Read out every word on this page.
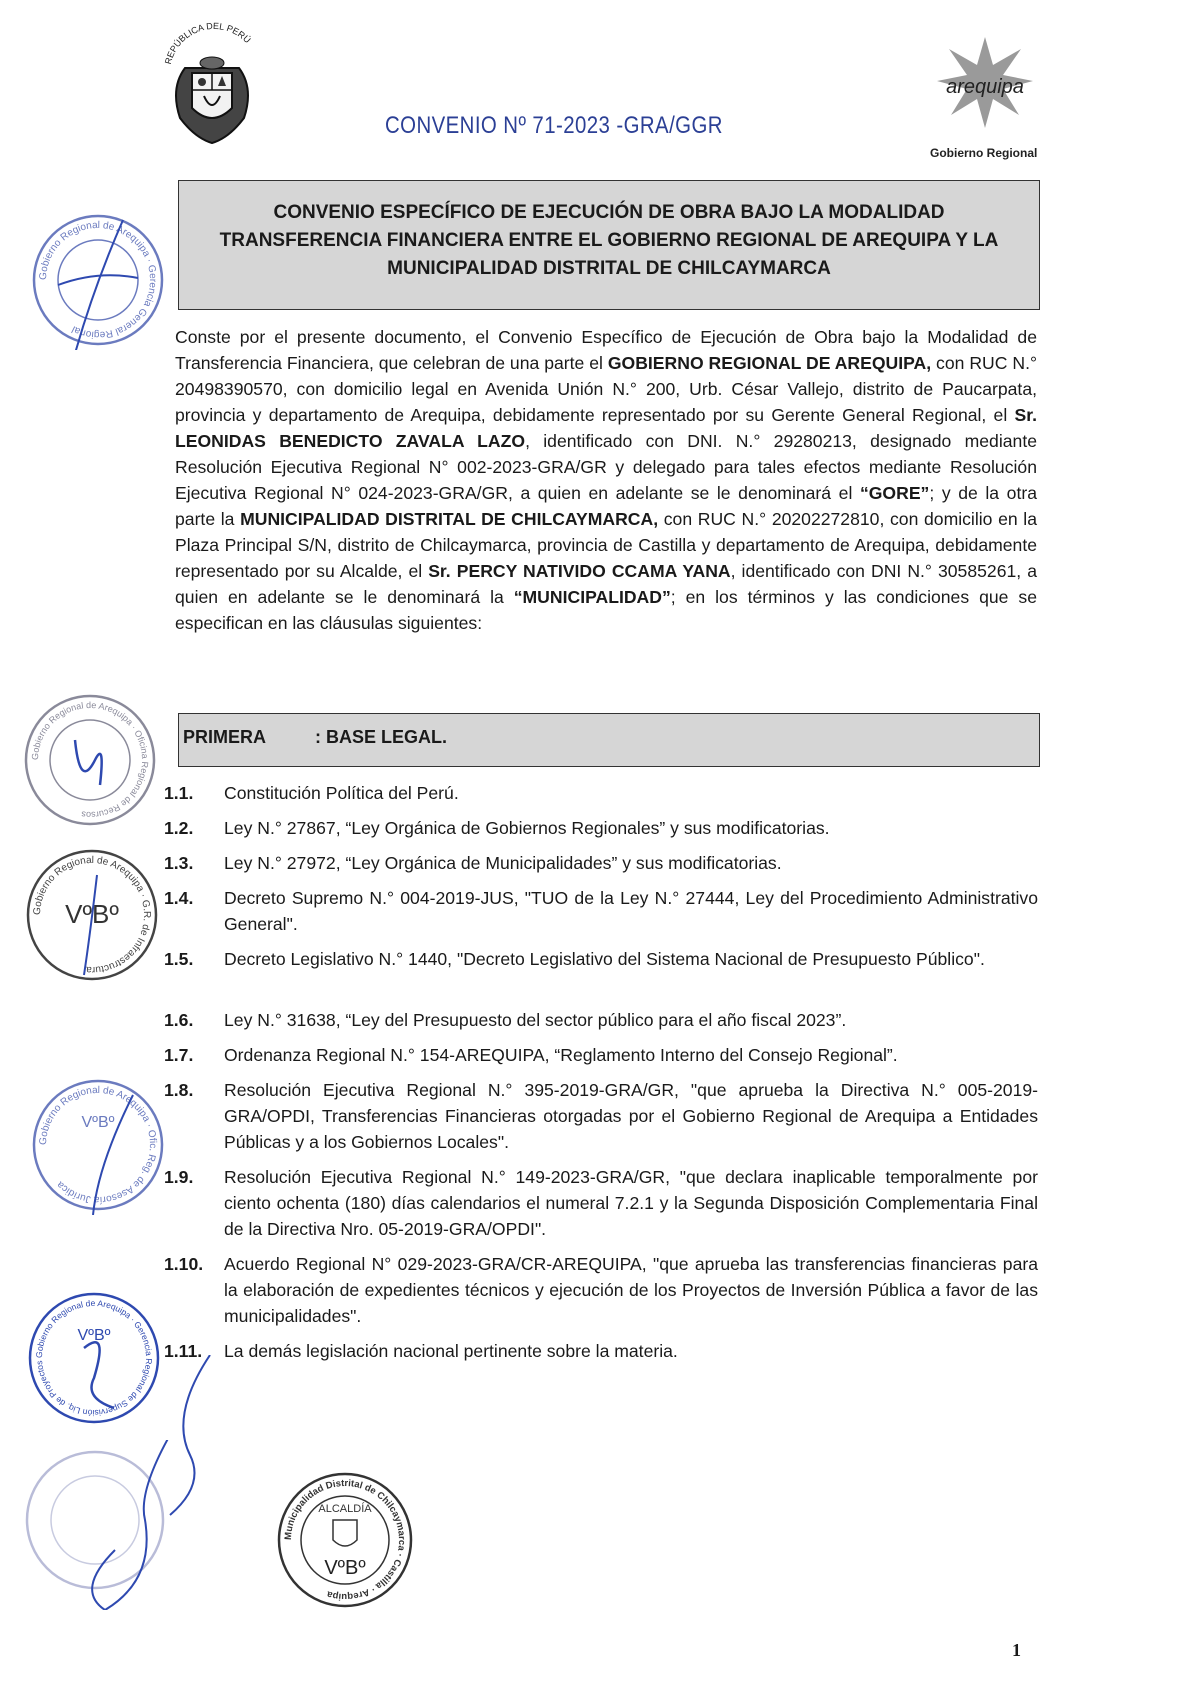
REPÚBLICA DEL PERÚ
CONVENIO Nº 71-2023 -GRA/GGR
arequipa
Gobierno Regional
CONVENIO ESPECÍFICO DE EJECUCIÓN DE OBRA BAJO LA MODALIDAD
TRANSFERENCIA FINANCIERA ENTRE EL GOBIERNO REGIONAL DE AREQUIPA Y LA
MUNICIPALIDAD DISTRITAL DE CHILCAYMARCA
Conste por el presente documento, el Convenio Específico de Ejecución de Obra bajo la Modalidad de Transferencia Financiera, que celebran de una parte el GOBIERNO REGIONAL DE AREQUIPA, con RUC N.° 20498390570, con domicilio legal en Avenida Unión N.° 200, Urb. César Vallejo, distrito de Paucarpata, provincia y departamento de Arequipa, debidamente representado por su Gerente General Regional, el Sr. LEONIDAS BENEDICTO ZAVALA LAZO, identificado con DNI. N.° 29280213, designado mediante Resolución Ejecutiva Regional N° 002-2023-GRA/GR y delegado para tales efectos mediante Resolución Ejecutiva Regional N° 024-2023-GRA/GR, a quien en adelante se le denominará el “GORE”; y de la otra parte la MUNICIPALIDAD DISTRITAL DE CHILCAYMARCA, con RUC N.° 20202272810, con domicilio en la Plaza Principal S/N, distrito de Chilcaymarca, provincia de Castilla y departamento de Arequipa, debidamente representado por su Alcalde, el Sr. PERCY NATIVIDO CCAMA YANA, identificado con DNI N.° 30585261, a quien en adelante se le denominará la “MUNICIPALIDAD”; en los términos y las condiciones que se especifican en las cláusulas siguientes:
PRIMERA	: BASE LEGAL.
1.1. Constitución Política del Perú.
1.2. Ley N.° 27867, “Ley Orgánica de Gobiernos Regionales” y sus modificatorias.
1.3. Ley N.° 27972, “Ley Orgánica de Municipalidades” y sus modificatorias.
1.4. Decreto Supremo N.° 004-2019-JUS, "TUO de la Ley N.° 27444, Ley del Procedimiento Administrativo General".
1.5. Decreto Legislativo N.° 1440, "Decreto Legislativo del Sistema Nacional de Presupuesto Público".
1.6. Ley N.° 31638, “Ley del Presupuesto del sector público para el año fiscal 2023”.
1.7. Ordenanza Regional N.° 154-AREQUIPA, “Reglamento Interno del Consejo Regional”.
1.8. Resolución Ejecutiva Regional N.° 395-2019-GRA/GR, "que aprueba la Directiva N.° 005-2019-GRA/OPDI, Transferencias Financieras otorgadas por el Gobierno Regional de Arequipa a Entidades Públicas y a los Gobiernos Locales".
1.9. Resolución Ejecutiva Regional N.° 149-2023-GRA/GR, "que declara inaplicable temporalmente por ciento ochenta (180) días calendarios el numeral 7.2.1 y la Segunda Disposición Complementaria Final de la Directiva Nro. 05-2019-GRA/OPDI".
1.10. Acuerdo Regional N° 029-2023-GRA/CR-AREQUIPA, "que aprueba las transferencias financieras para la elaboración de expedientes técnicos y ejecución de los Proyectos de Inversión Pública a favor de las municipalidades".
1.11. La demás legislación nacional pertinente sobre la materia.
Gobierno Regional de Arequipa · Gerencia General Regional
Gobierno Regional de Arequipa · Oficina Regional de Recursos
Gobierno Regional de Arequipa · G.R. de Infraestructura
VºBº
Gobierno Regional de Arequipa · Ofic. Reg. de Asesoría Jurídica
VºBº
Gobierno Regional de Arequipa · Gerencia Regional de Supervisión Liq. de Proyectos
VºBº
Municipalidad Distrital de Chilcaymarca · Castilla · Arequipa
ALCALDÍA
VºBº
1
